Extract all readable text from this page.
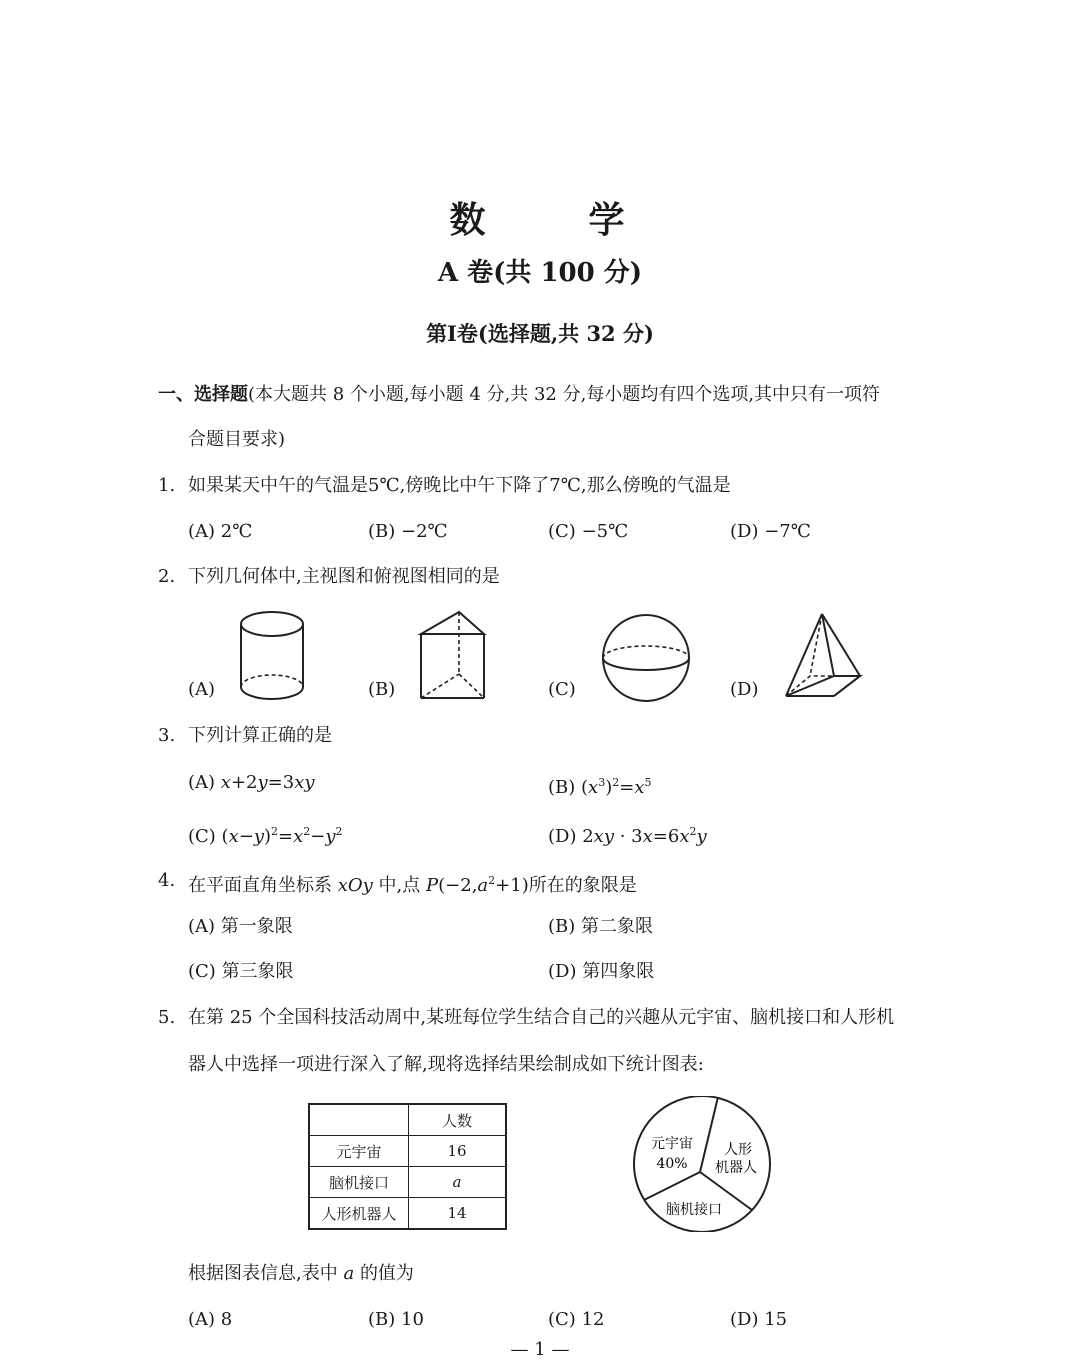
数	学
A 卷(共 100 分)
第Ⅰ卷(选择题,共 32 分)
一、选择题(本大题共 8 个小题,每小题 4 分,共 32 分,每小题均有四个选项,其中只有一项符
合题目要求)
1. 如果某天中午的气温是5℃,傍晚比中午下降了7℃,那么傍晚的气温是
(A) 2℃	(B) −2℃	(C) −5℃	(D) −7℃
2. 下列几何体中,主视图和俯视图相同的是
(A)	(B)	(C)	(D)
3. 下列计算正确的是
(A) x+2y=3xy	(B) $(x^3)^2=x^5$
(C) $(x-y)^2=x^2-y^2$	(D) $2xy \cdot 3x=6x^2y$
4. 在平面直角坐标系 xOy 中,点 $P(-2,a^2+1)$所在的象限是
(A) 第一象限	(B) 第二象限
(C) 第三象限	(D) 第四象限
5. 在第 25 个全国科技活动周中,某班每位学生结合自己的兴趣从元宇宙、脑机接口和人形机
器人中选择一项进行深入了解,现将选择结果绘制成如下统计图表:
	人数
元宇宙	16
脑机接口	a
人形机器人	14
元宇宙
40%
人形
机器人
脑机接口
根据图表信息,表中 a 的值为
(A) 8	(B) 10	(C) 12	(D) 15
— 1 —
